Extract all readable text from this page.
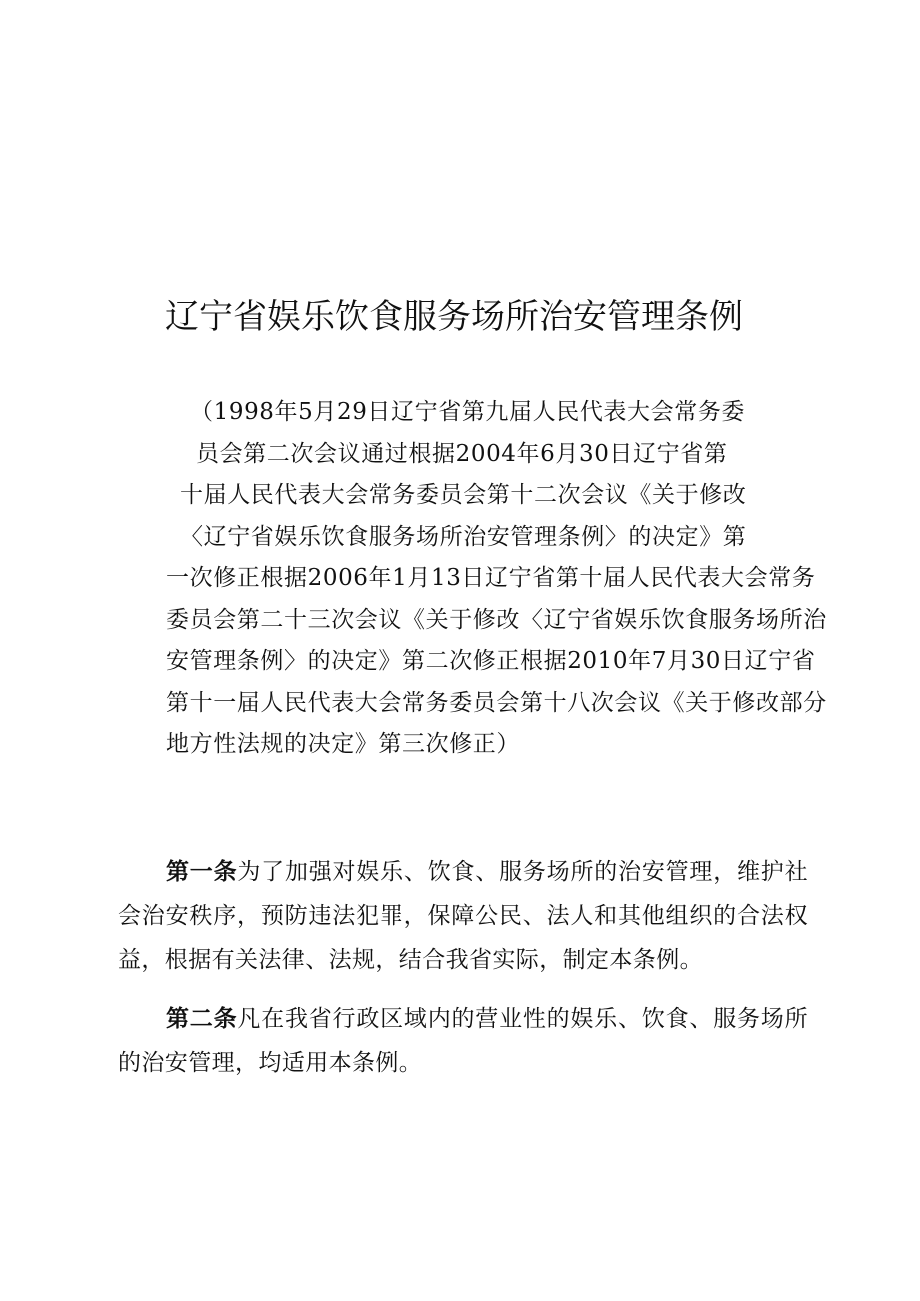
辽宁省娱乐饮食服务场所治安管理条例
（1998年5月29日辽宁省第九届人民代表大会常务委
员会第二次会议通过根据2004年6月30日辽宁省第
十届人民代表大会常务委员会第十二次会议《关于修改
〈辽宁省娱乐饮食服务场所治安管理条例〉的决定》第
一次修正根据2006年1月13日辽宁省第十届人民代表大会常务
委员会第二十三次会议《关于修改〈辽宁省娱乐饮食服务场所治
安管理条例〉的决定》第二次修正根据2010年7月30日辽宁省
第十一届人民代表大会常务委员会第十八次会议《关于修改部分
地方性法规的决定》第三次修正）

第一条为了加强对娱乐、饮食、服务场所的治安管理，维护社会治安秩序，预防违法犯罪，保障公民、法人和其他组织的合法权益，根据有关法律、法规，结合我省实际，制定本条例。

第二条凡在我省行政区域内的营业性的娱乐、饮食、服务场所的治安管理，均适用本条例。
